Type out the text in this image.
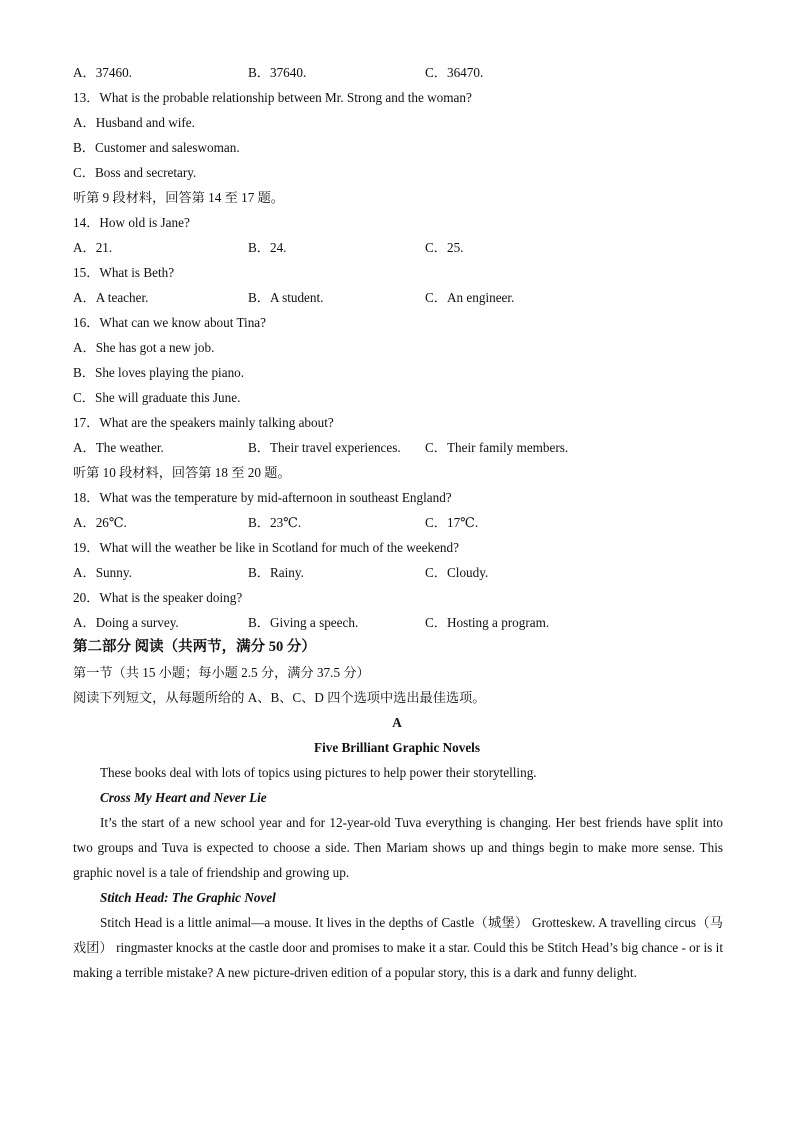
A．37460.	B．37640.	C．36470.
13．What is the probable relationship between Mr. Strong and the woman?
A．Husband and wife.
B．Customer and saleswoman.
C．Boss and secretary.
听第 9 段材料，回答第 14 至 17 题。
14．How old is Jane?
A．21.	B．24.	C．25.
15．What is Beth?
A．A teacher.	B．A student.	C．An engineer.
16．What can we know about Tina?
A．She has got a new job.
B．She loves playing the piano.
C．She will graduate this June.
17．What are the speakers mainly talking about?
A．The weather.	B．Their travel experiences. C．Their family members.
听第 10 段材料，回答第 18 至 20 题。
18．What was the temperature by mid-afternoon in southeast England?
A．26℃.	B．23℃.	C．17℃.
19．What will the weather be like in Scotland for much of the weekend?
A．Sunny.	B．Rainy.	C．Cloudy.
20．What is the speaker doing?
A．Doing a survey.	B．Giving a speech.	C．Hosting a program.
第二部分 阅读（共两节，满分 50 分）
第一节（共 15 小题；每小题 2.5 分，满分 37.5 分）
阅读下列短文，从每题所给的 A、B、C、D 四个选项中选出最佳选项。
A
Five Brilliant Graphic Novels
These books deal with lots of topics using pictures to help power their storytelling.
Cross My Heart and Never Lie
It’s the start of a new school year and for 12-year-old Tuva everything is changing. Her best friends have split into two groups and Tuva is expected to choose a side. Then Mariam shows up and things begin to make more sense. This graphic novel is a tale of friendship and growing up.
Stitch Head: The Graphic Novel
Stitch Head is a little animal—a mouse. It lives in the depths of Castle（城堡） Grotteskew. A travelling circus（马戏团） ringmaster knocks at the castle door and promises to make it a star. Could this be Stitch Head’s big chance - or is it making a terrible mistake? A new picture-driven edition of a popular story, this is a dark and funny delight.
